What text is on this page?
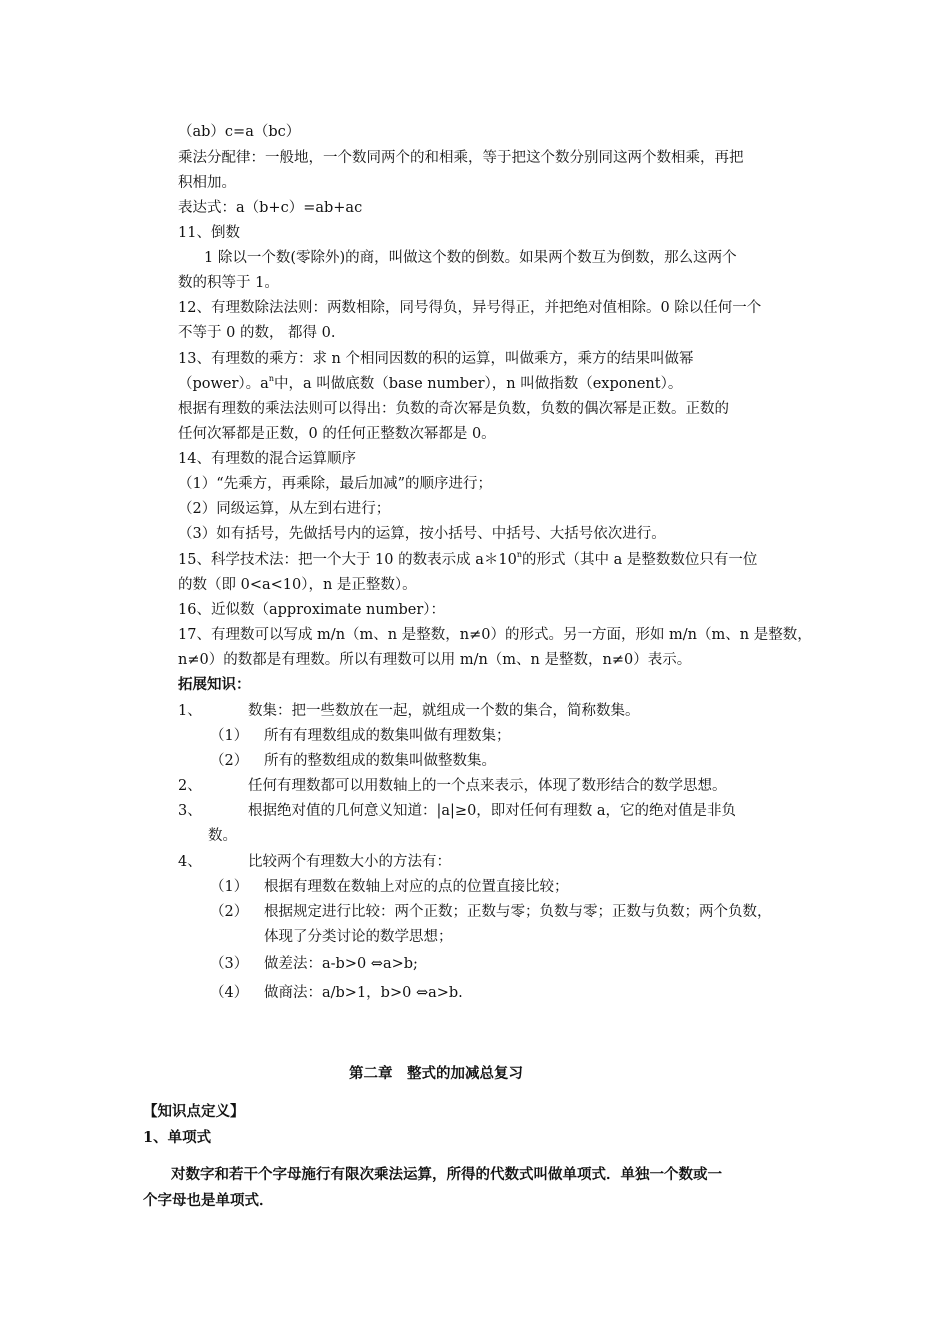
（ab）c=a（bc）
乘法分配律：一般地，一个数同两个的和相乘，等于把这个数分别同这两个数相乘，再把
积相加。
表达式：a（b+c）=ab+ac
11、倒数
1 除以一个数(零除外)的商，叫做这个数的倒数。如果两个数互为倒数，那么这两个
数的积等于 1。
12、有理数除法法则：两数相除，同号得负，异号得正，并把绝对值相除。0 除以任何一个
不等于 0 的数， 都得 0.
13、有理数的乘方：求 n 个相同因数的积的运算，叫做乘方，乘方的结果叫做幂
（power）。$a^n$中，a 叫做底数（base number），n 叫做指数（exponent）。
根据有理数的乘法法则可以得出：负数的奇次幂是负数，负数的偶次幂是正数。正数的
任何次幂都是正数，0 的任何正整数次幂都是 0。
14、有理数的混合运算顺序
（1）“先乘方，再乘除，最后加减”的顺序进行；
（2）同级运算，从左到右进行；
（3）如有括号，先做括号内的运算，按小括号、中括号、大括号依次进行。
15、科学技术法：把一个大于 10 的数表示成 a＊10$^n$的形式（其中 a 是整数数位只有一位
的数（即 0<a<10），n 是正整数）。
16、近似数（approximate number）：
17、有理数可以写成 m/n（m、n 是整数，n≠0）的形式。另一方面，形如 m/n（m、n 是整数，
n≠0）的数都是有理数。所以有理数可以用 m/n（m、n 是整数，n≠0）表示。
拓展知识：
1、	数集：把一些数放在一起，就组成一个数的集合，简称数集。
（1） 所有有理数组成的数集叫做有理数集；
（2） 所有的整数组成的数集叫做整数集。
2、	任何有理数都可以用数轴上的一个点来表示，体现了数形结合的数学思想。
3、	根据绝对值的几何意义知道：|a|≥0，即对任何有理数 a，它的绝对值是非负
数。
4、	比较两个有理数大小的方法有：
（1） 根据有理数在数轴上对应的点的位置直接比较；
（2） 根据规定进行比较：两个正数；正数与零；负数与零；正数与负数；两个负数，
体现了分类讨论的数学思想；
（3） 做差法：a-b>0 ⇔a>b;
（4） 做商法：a/b>1，b>0 ⇔a>b.
第二章　整式的加减总复习
【知识点定义】
1、单项式
对数字和若干个字母施行有限次乘法运算，所得的代数式叫做单项式．单独一个数或一
个字母也是单项式．
